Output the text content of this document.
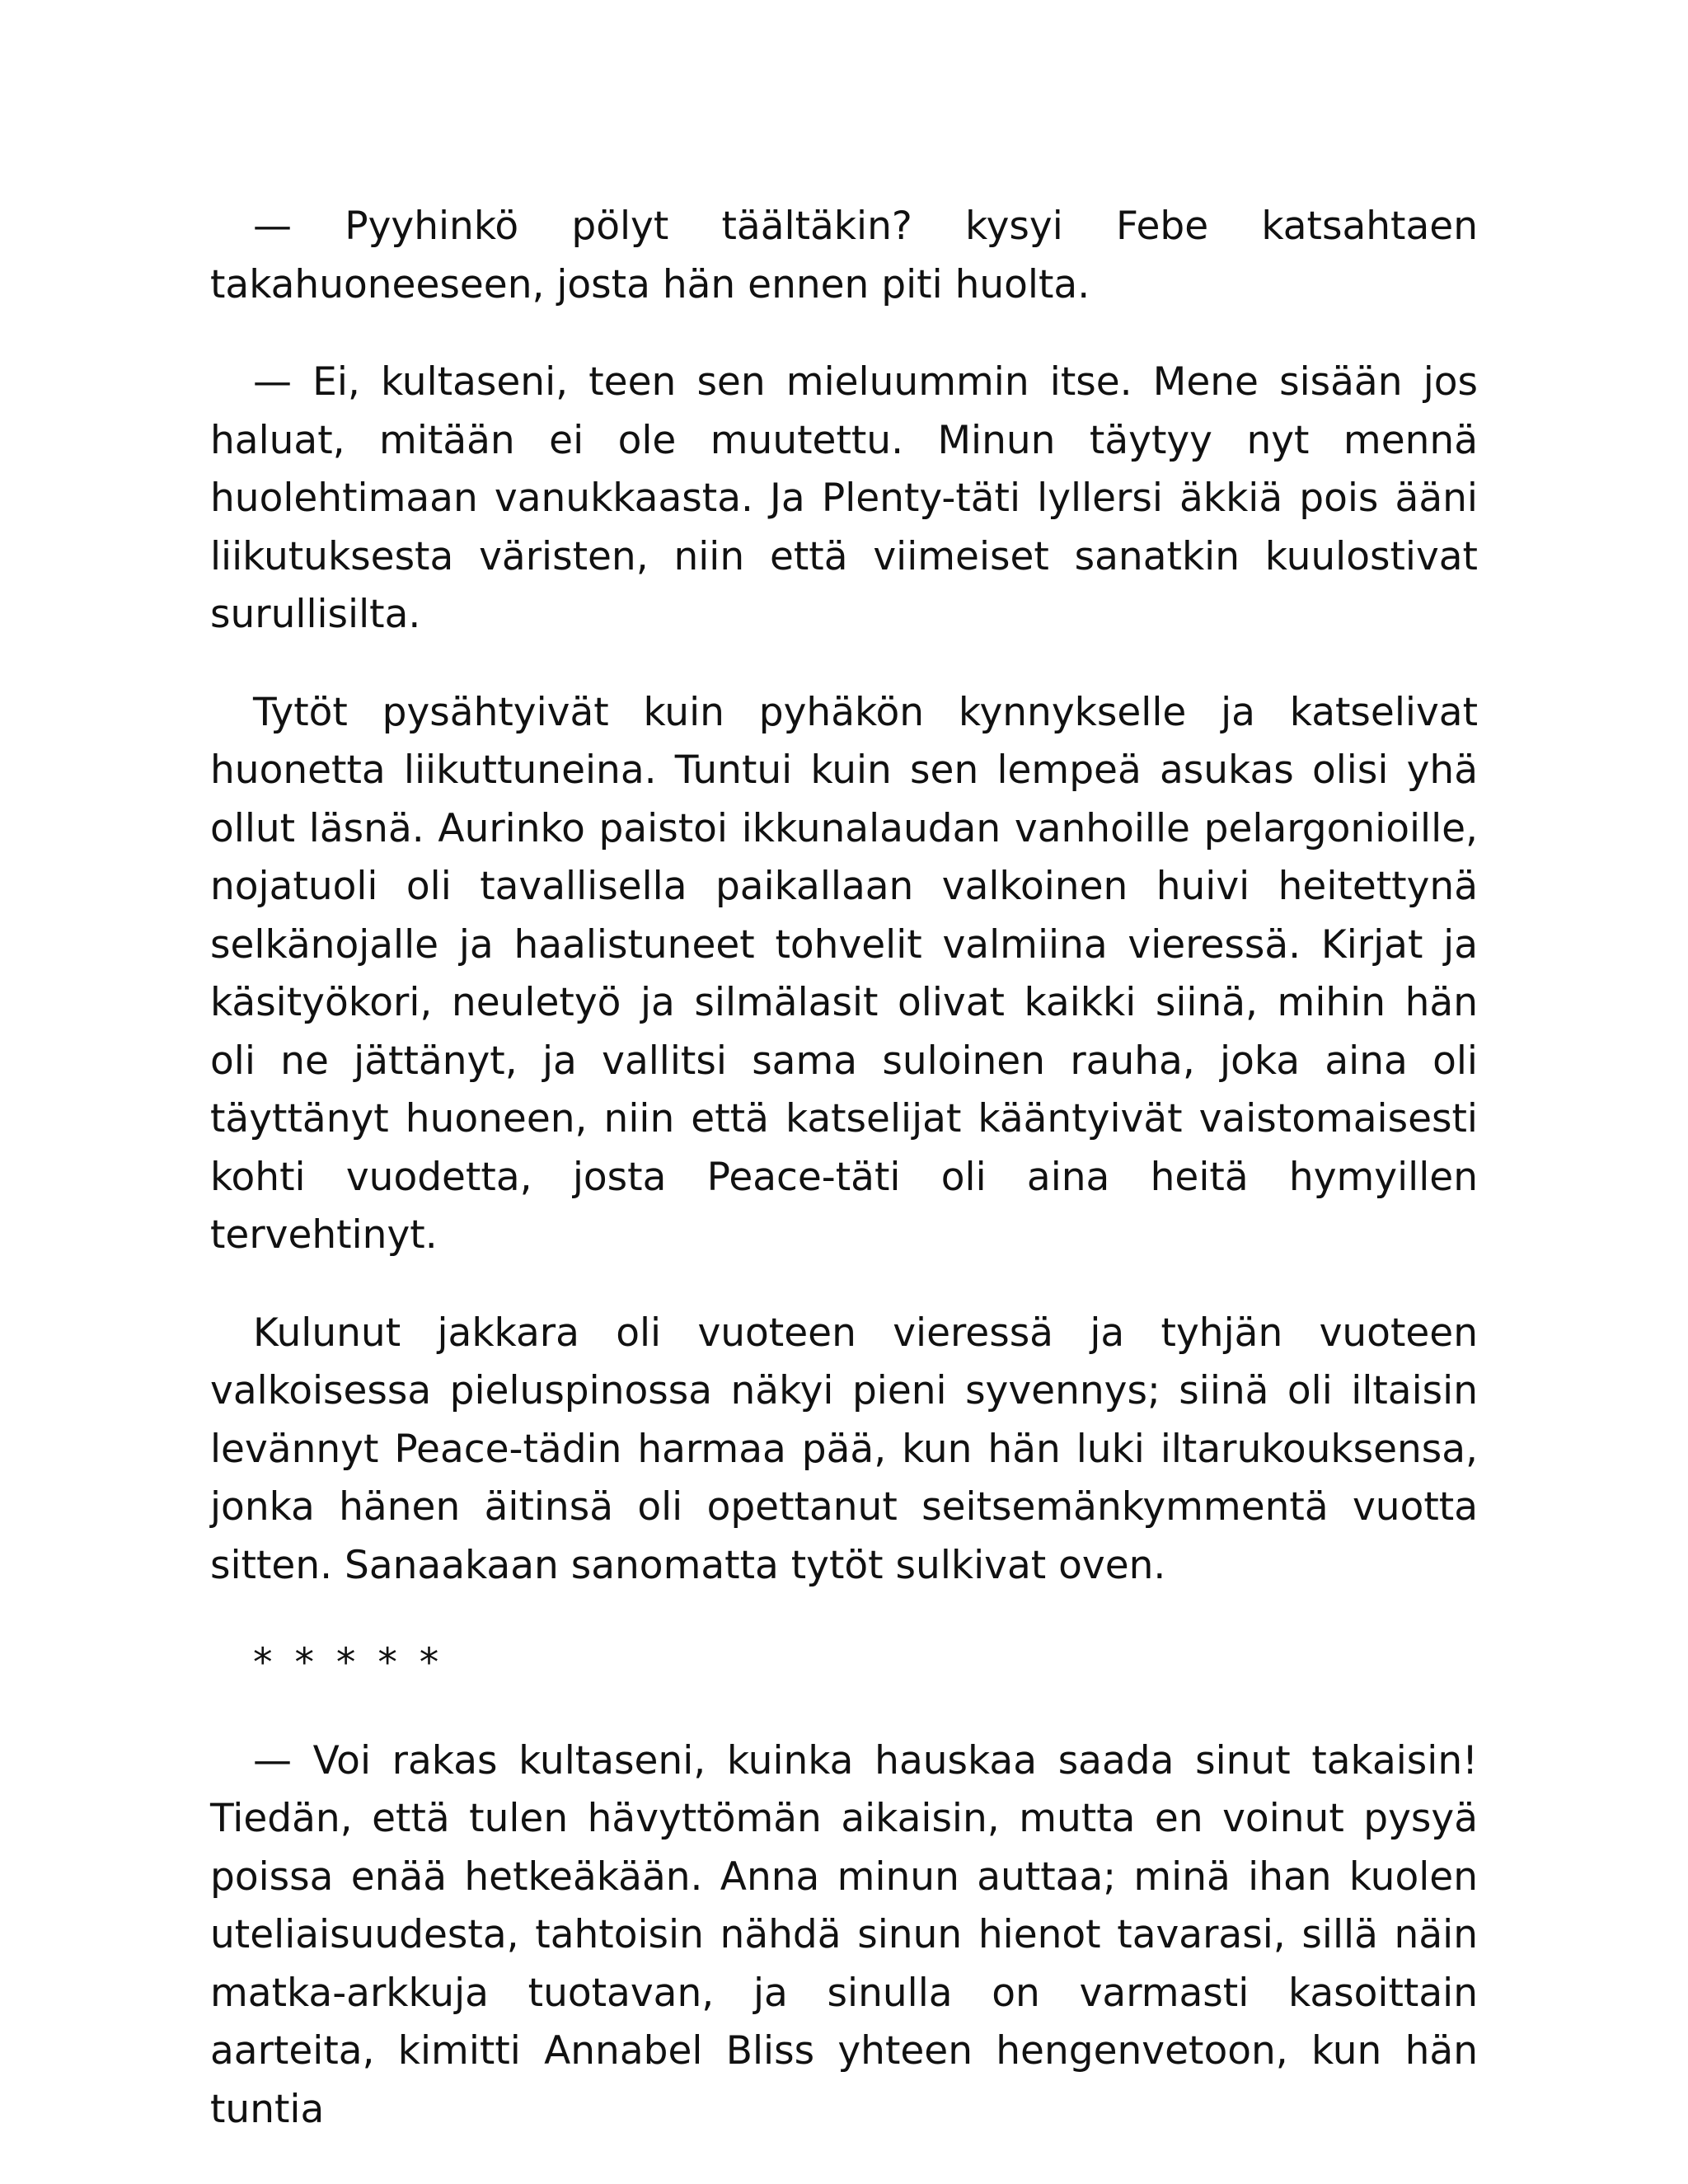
— Pyyhinkö pölyt täältäkin? kysyi Febe katsahtaen takahuoneeseen, josta hän ennen piti huolta.

— Ei, kultaseni, teen sen mieluummin itse. Mene sisään jos haluat, mitään ei ole muutettu. Minun täytyy nyt mennä huolehtimaan vanukkaasta. Ja Plenty-täti lyllersi äkkiä pois ääni liikutuksesta väristen, niin että viimeiset sanatkin kuulostivat surullisilta.

Tytöt pysähtyivät kuin pyhäkön kynnykselle ja katselivat huonetta liikuttuneina. Tuntui kuin sen lempeä asukas olisi yhä ollut läsnä. Aurinko paistoi ikkunalaudan vanhoille pelargonioille, nojatuoli oli tavallisella paikallaan valkoinen huivi heitettynä selkänojalle ja haalistuneet tohvelit valmiina vieressä. Kirjat ja käsityökori, neuletyö ja silmälasit olivat kaikki siinä, mihin hän oli ne jättänyt, ja vallitsi sama suloinen rauha, joka aina oli täyttänyt huoneen, niin että katselijat kääntyivät vaistomaisesti kohti vuodetta, josta Peace-täti oli aina heitä hymyillen tervehtinyt.

Kulunut jakkara oli vuoteen vieressä ja tyhjän vuoteen valkoisessa pieluspinossa näkyi pieni syvennys; siinä oli iltaisin levännyt Peace-tädin harmaa pää, kun hän luki iltarukouksensa, jonka hänen äitinsä oli opettanut seitsemänkymmentä vuotta sitten. Sanaakaan sanomatta tytöt sulkivat oven.

* * * * *

— Voi rakas kultaseni, kuinka hauskaa saada sinut takaisin! Tiedän, että tulen hävyttömän aikaisin, mutta en voinut pysyä poissa enää hetkeäkään. Anna minun auttaa; minä ihan kuolen uteliaisuudesta, tahtoisin nähdä sinun hienot tavarasi, sillä näin matka-arkkuja tuotavan, ja sinulla on varmasti kasoittain aarteita, kimitti Annabel Bliss yhteen hengenvetoon, kun hän tuntia
